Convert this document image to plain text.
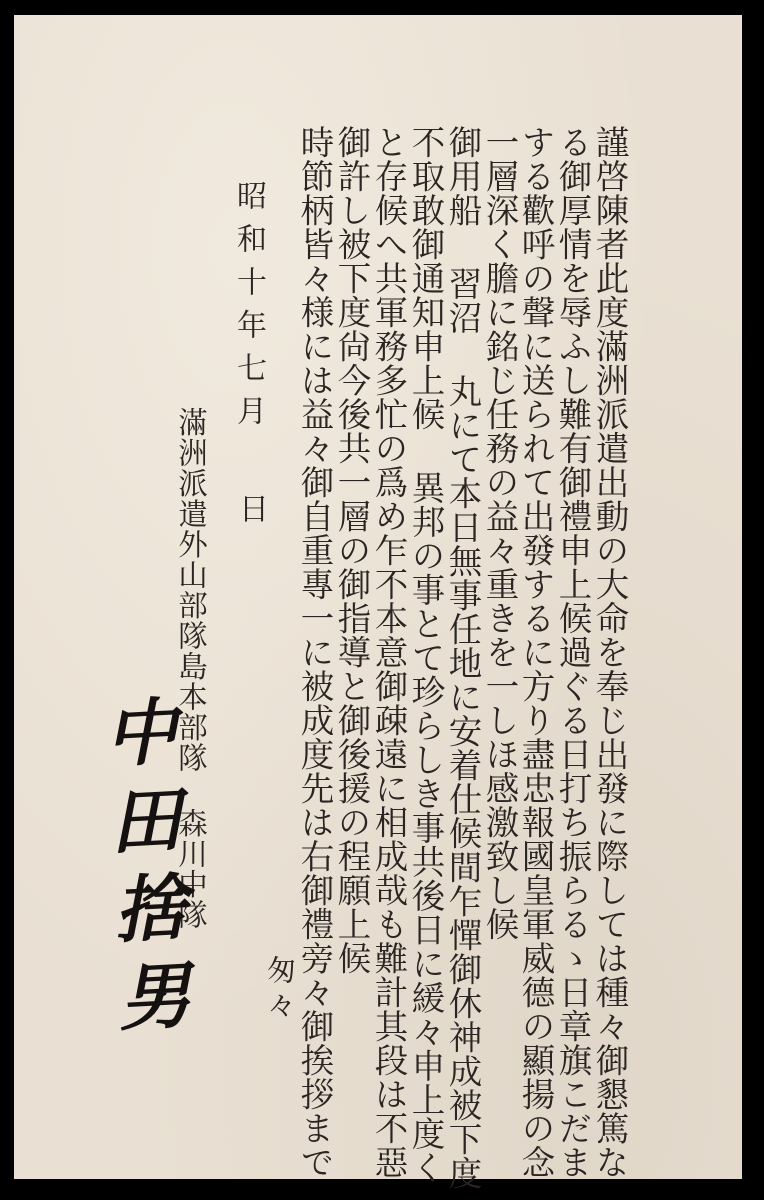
謹啓陳者此度滿洲派遣出動の大命を奉じ出發に際しては種々御懇篤な
る御厚情を辱ふし難有御禮申上候過ぐる日打ち振らるゝ日章旗こだま
する歡呼の聲に送られて出發するに方り盡忠報國皇軍威德の顯揚の念
一層深く膽に銘じ任務の益々重きを一しほ感激致し候
御用船 習沼 丸にて本日無事任地に安着仕候間乍憚御休神成被下度
不取敢御通知申上候 異邦の事とて珍らしき事共後日に緩々申上度く
と存候へ共軍務多忙の爲め乍不本意御疎遠に相成哉も難計其段は不惡
御許し被下度尙今後共一層の御指導と御後援の程願上候
時節柄皆々様には益々御自重專一に被成度先は右御禮旁々御挨拶まで
匆々
昭和十年七月
日
滿洲派遣外山部隊島本部隊 森川中隊
中田捨男
